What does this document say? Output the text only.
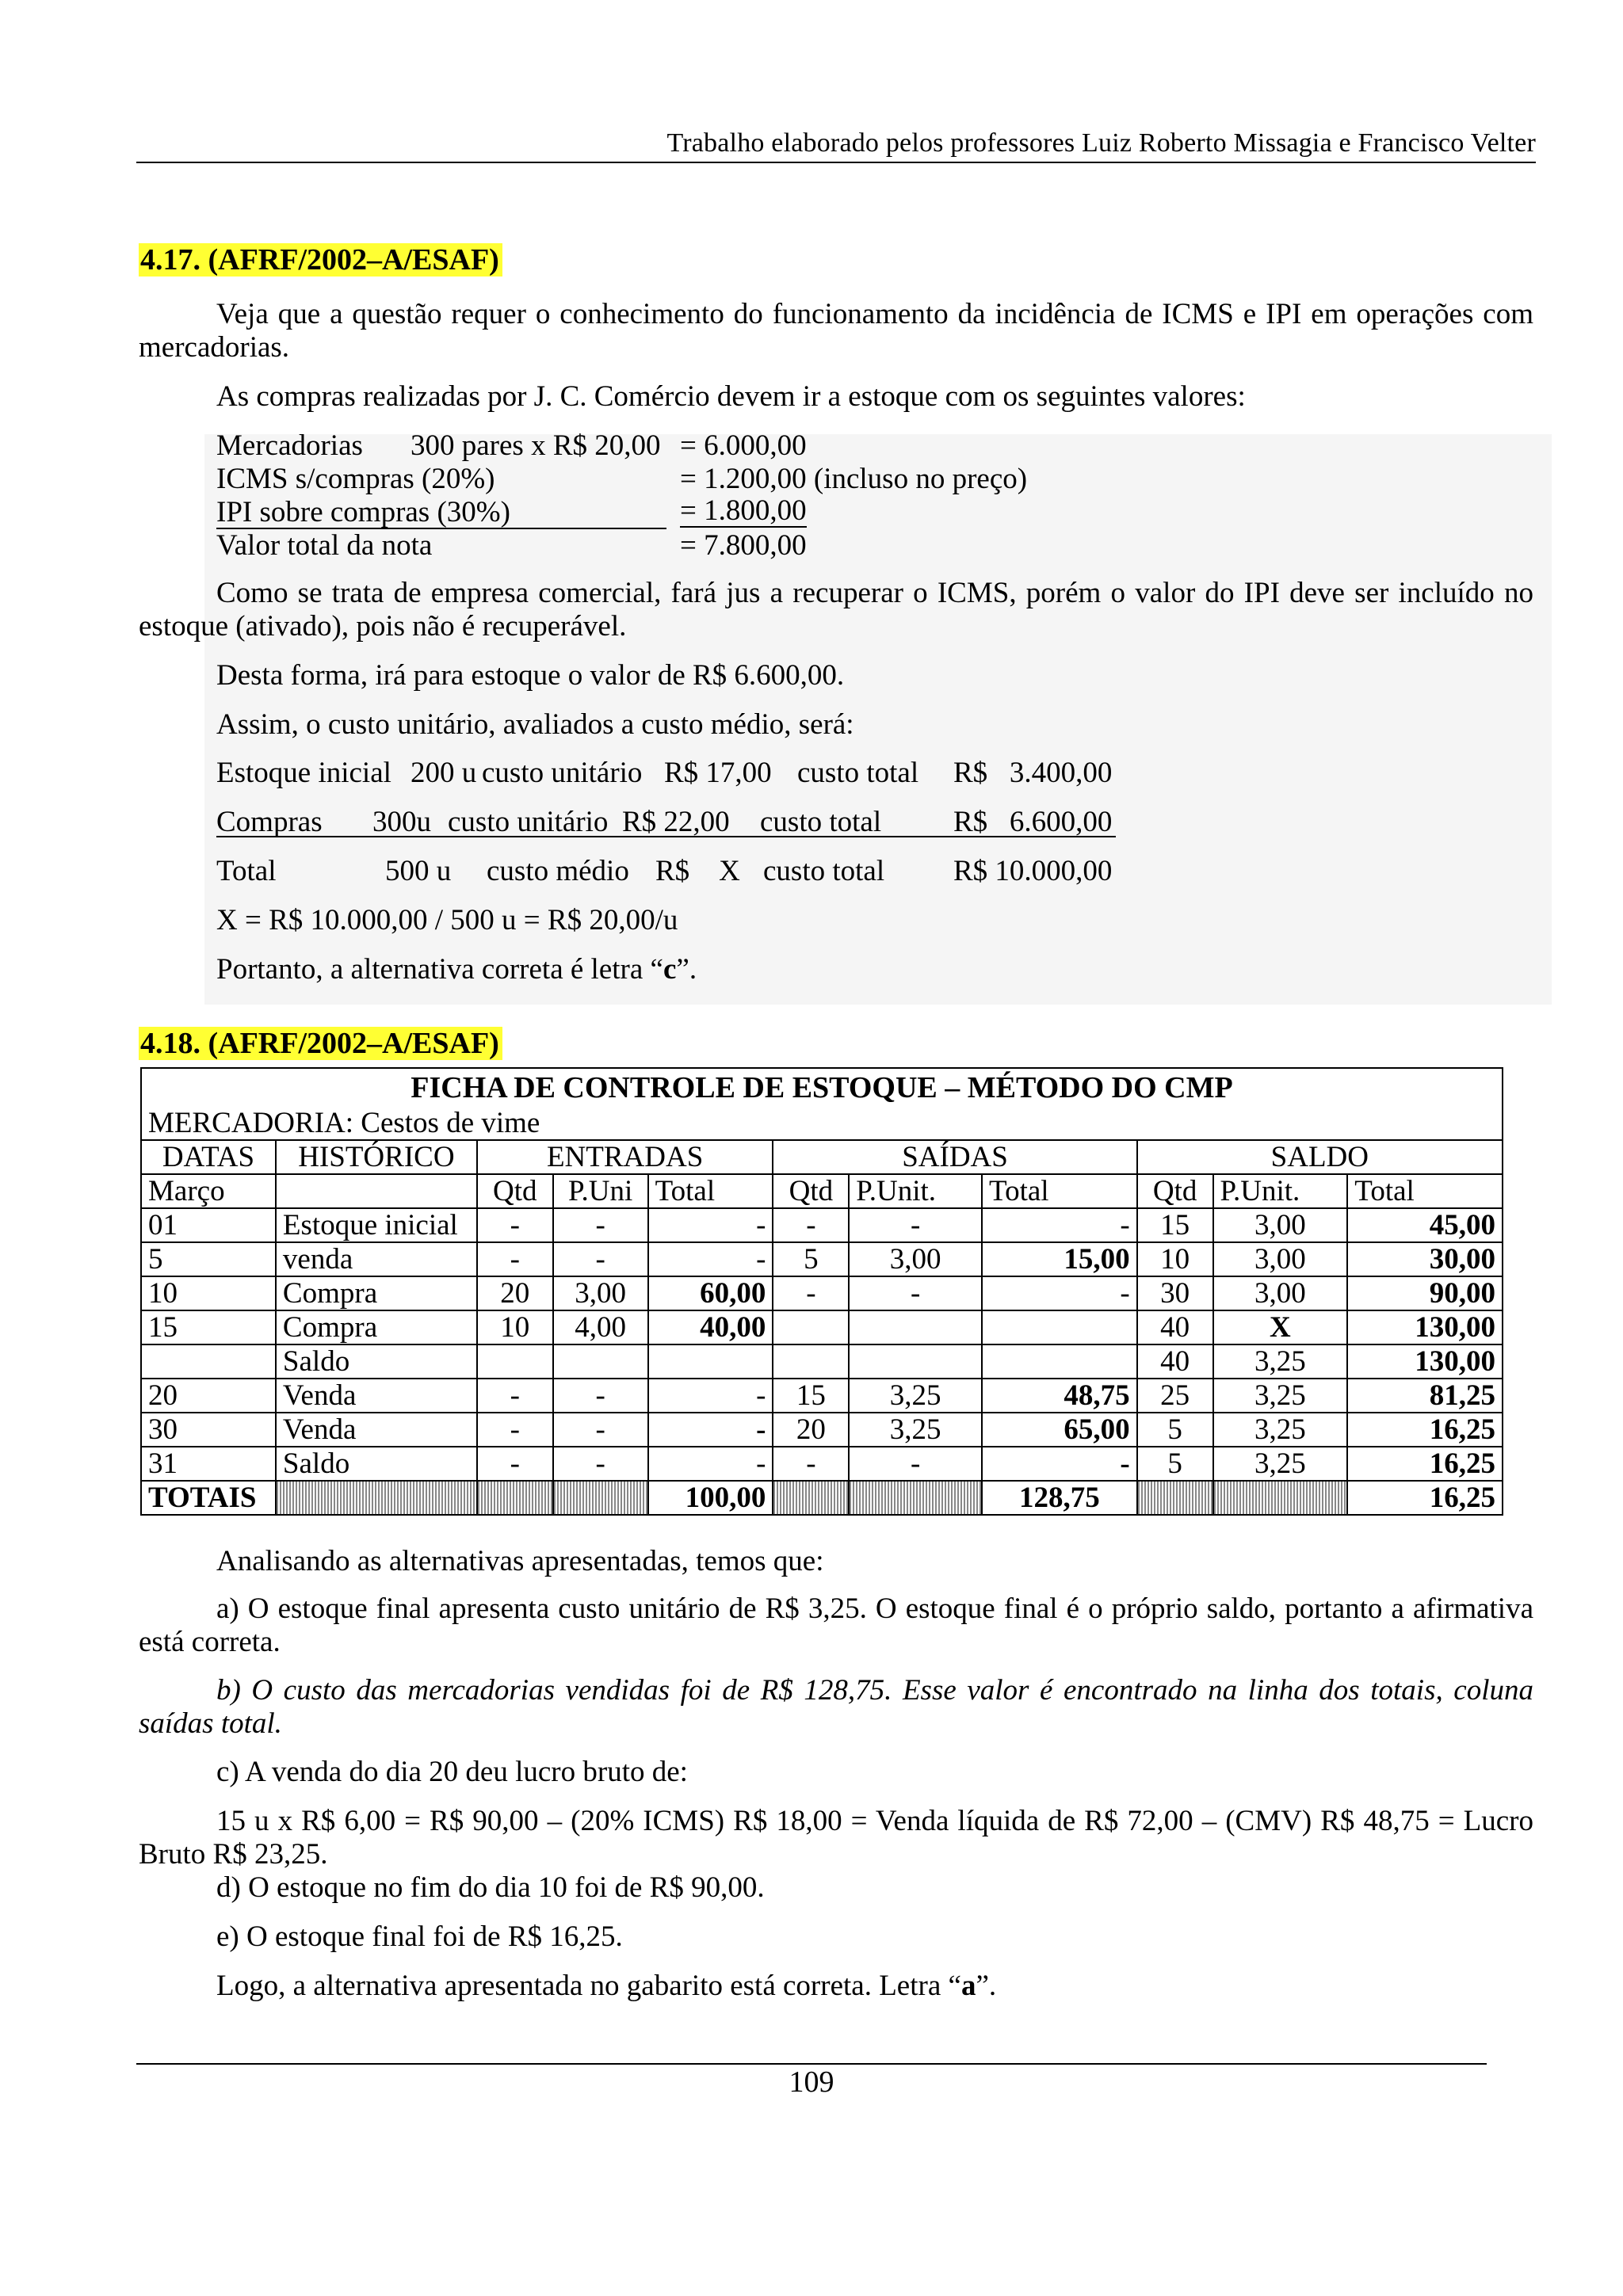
Trabalho elaborado pelos professores Luiz Roberto Missagia e Francisco Velter
4.17. (AFRF/2002–A/ESAF)
Veja que a questão requer o conhecimento do funcionamento da incidência de ICMS e IPI em operações com mercadorias.
As compras realizadas por J. C. Comércio devem ir a estoque com os seguintes valores:
Mercadorias 300 pares x R$ 20,00 = 6.000,00
ICMS s/compras (20%)	= 1.200,00 (incluso no preço)
IPI sobre compras (30%)	= 1.800,00
Valor total da nota	= 7.800,00
Como se trata de empresa comercial, fará jus a recuperar o ICMS, porém o valor do IPI deve ser incluído no estoque (ativado), pois não é recuperável.
Desta forma, irá para estoque o valor de R$ 6.600,00.
Assim, o custo unitário, avaliados a custo médio, será:
Estoque inicial 200 u custo unitário R$ 17,00 custo total R$   3.400,00
Compras 300u custo unitário R$ 22,00 custo total R$   6.600,00
Total	500 u custo médio R$    X custo total R$ 10.000,00
X = R$ 10.000,00 / 500 u = R$ 20,00/u
Portanto, a alternativa correta é letra “c”.
4.18. (AFRF/2002–A/ESAF)
FICHA DE CONTROLE DE ESTOQUE – MÉTODO DO CMP										
MERCADORIA: Cestos de vime										
DATAS	HISTÓRICO	ENTRADAS			SAÍDAS			SALDO		
Março		Qtd	P.Uni	Total	Qtd	P.Unit.	Total	Qtd	P.Unit.	Total
01	Estoque inicial	-	-	-	-	-	-	15	3,00	45,00
5	venda	-	-	-	5	3,00	15,00	10	3,00	30,00
10	Compra	20	3,00	60,00	-	-	-	30	3,00	90,00
15	Compra	10	4,00	40,00				40	X	130,00
	Saldo							40	3,25	130,00
20	Venda	-	-	-	15	3,25	48,75	25	3,25	81,25
30	Venda	-	-	-	20	3,25	65,00	5	3,25	16,25
31	Saldo	-	-	-	-	-	-	5	3,25	16,25
TOTAIS				100,00			128,75			16,25
Analisando as alternativas apresentadas, temos que:
a) O estoque final apresenta custo unitário de R$ 3,25. O estoque final é o próprio saldo, portanto a afirmativa está correta.
b) O custo das mercadorias vendidas foi de R$ 128,75. Esse valor é encontrado na linha dos totais, coluna saídas total.
c) A venda do dia 20 deu lucro bruto de:
15 u x R$ 6,00 = R$ 90,00 – (20% ICMS) R$ 18,00 = Venda líquida de R$ 72,00 – (CMV) R$ 48,75 = Lucro Bruto R$ 23,25.
d) O estoque no fim do dia 10 foi de R$ 90,00.
e) O estoque final foi de R$ 16,25.
Logo, a alternativa apresentada no gabarito está correta. Letra “a”.
109
